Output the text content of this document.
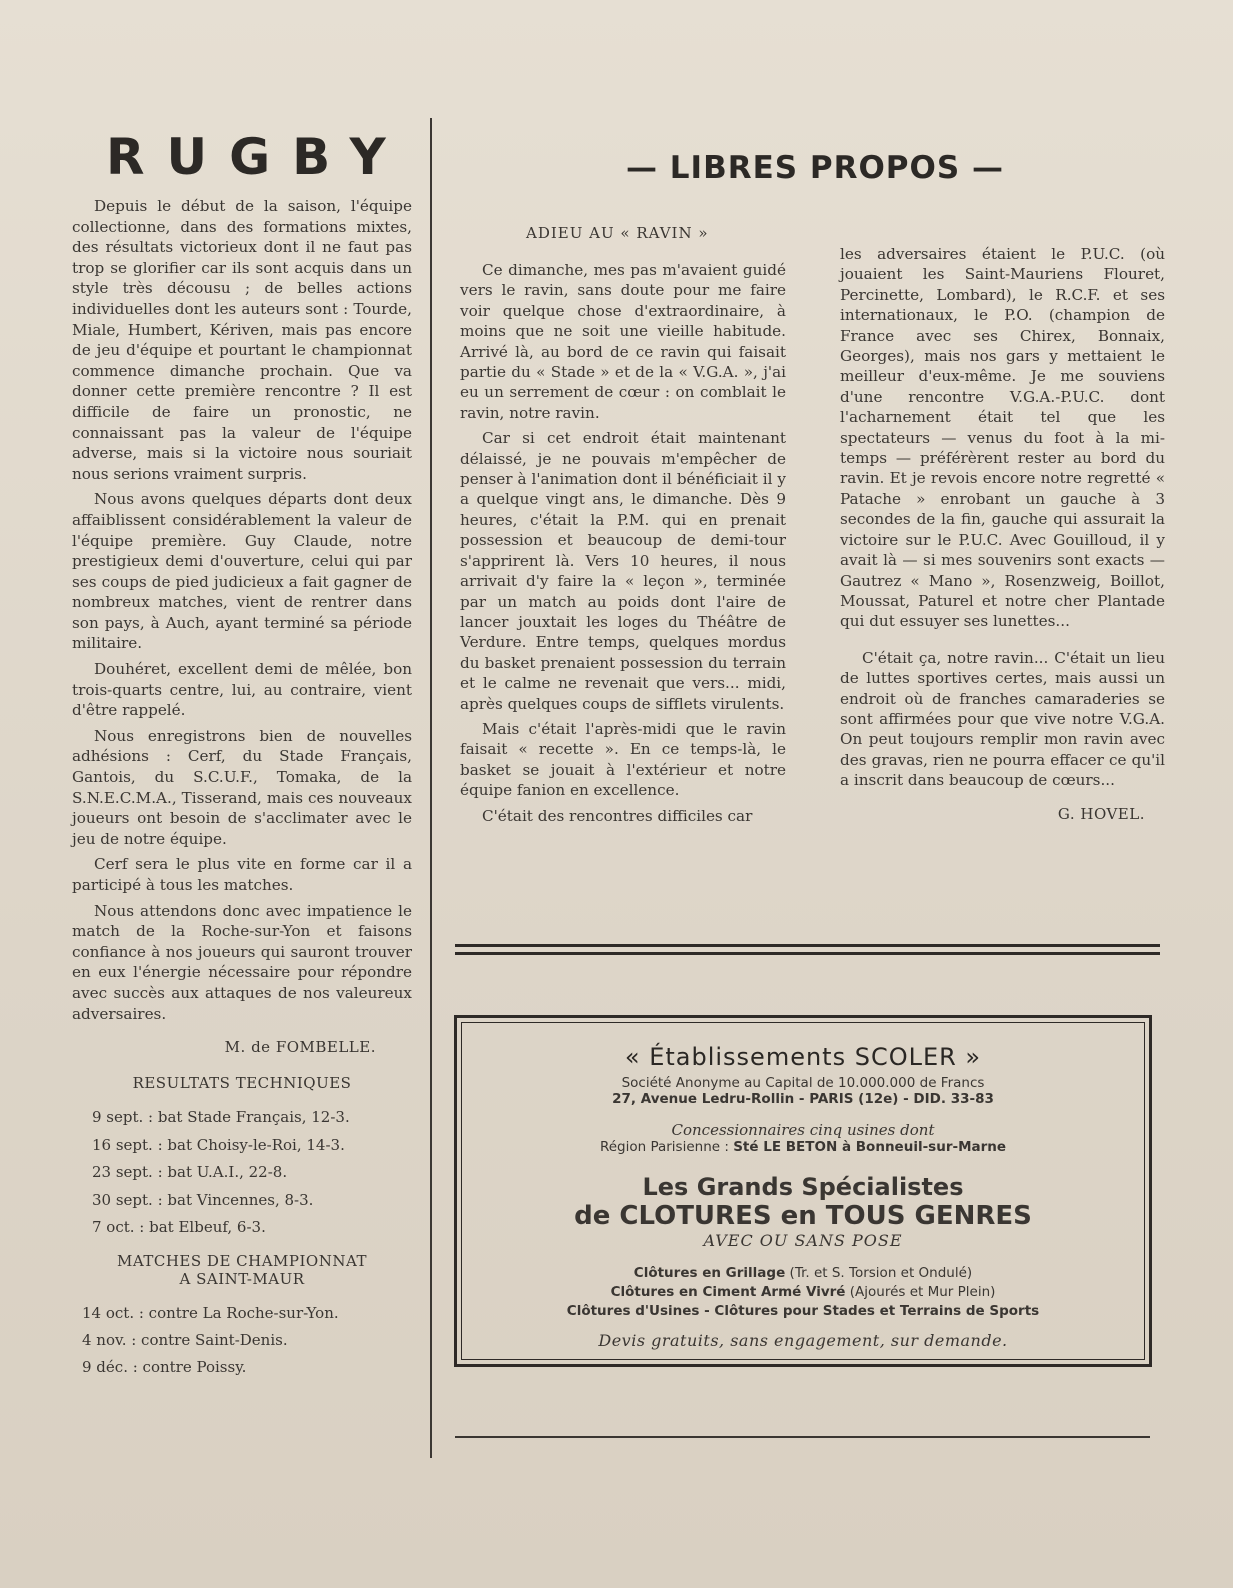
RUGBY

Depuis le début de la saison, l'équipe collectionne, dans des formations mixtes, des résultats victorieux dont il ne faut pas trop se glorifier car ils sont acquis dans un style très décousu ; de belles actions individuelles dont les auteurs sont : Tourde, Miale, Humbert, Kériven, mais pas encore de jeu d'équipe et pourtant le championnat commence dimanche prochain. Que va donner cette première rencontre ? Il est difficile de faire un pronostic, ne connaissant pas la valeur de l'équipe adverse, mais si la victoire nous souriait nous serions vraiment surpris.

Nous avons quelques départs dont deux affaiblissent considérablement la valeur de l'équipe première. Guy Claude, notre prestigieux demi d'ouverture, celui qui par ses coups de pied judicieux a fait gagner de nombreux matches, vient de rentrer dans son pays, à Auch, ayant terminé sa période militaire.

Douhéret, excellent demi de mêlée, bon trois-quarts centre, lui, au contraire, vient d'être rappelé.

Nous enregistrons bien de nouvelles adhésions : Cerf, du Stade Français, Gantois, du S.C.U.F., Tomaka, de la S.N.E.C.M.A., Tisserand, mais ces nouveaux joueurs ont besoin de s'acclimater avec le jeu de notre équipe.

Cerf sera le plus vite en forme car il a participé à tous les matches.

Nous attendons donc avec impatience le match de la Roche-sur-Yon et faisons confiance à nos joueurs qui sauront trouver en eux l'énergie nécessaire pour répondre avec succès aux attaques de nos valeureux adversaires.

M. de FOMBELLE.
RESULTATS TECHNIQUES
9 sept. : bat Stade Français, 12-3.
16 sept. : bat Choisy-le-Roi, 14-3.
23 sept. : bat U.A.I., 22-8.
30 sept. : bat Vincennes, 8-3.
7 oct. : bat Elbeuf, 6-3.
MATCHES DE CHAMPIONNAT
A SAINT-MAUR
14 oct. : contre La Roche-sur-Yon.
4 nov. : contre Saint-Denis.
9 déc. : contre Poissy.
— LIBRES PROPOS —
ADIEU AU « RAVIN »

Ce dimanche, mes pas m'avaient guidé vers le ravin, sans doute pour me faire voir quelque chose d'extraordinaire, à moins que ne soit une vieille habitude. Arrivé là, au bord de ce ravin qui faisait partie du « Stade » et de la « V.G.A. », j'ai eu un serrement de cœur : on comblait le ravin, notre ravin.

Car si cet endroit était maintenant délaissé, je ne pouvais m'empêcher de penser à l'animation dont il bénéficiait il y a quelque vingt ans, le dimanche. Dès 9 heures, c'était la P.M. qui en prenait possession et beaucoup de demi-tour s'apprirent là. Vers 10 heures, il nous arrivait d'y faire la « leçon », terminée par un match au poids dont l'aire de lancer jouxtait les loges du Théâtre de Verdure. Entre temps, quelques mordus du basket prenaient possession du terrain et le calme ne revenait que vers... midi, après quelques coups de sifflets virulents.

Mais c'était l'après-midi que le ravin faisait « recette ». En ce temps-là, le basket se jouait à l'extérieur et notre équipe fanion en excellence.

C'était des rencontres difficiles car

les adversaires étaient le P.U.C. (où jouaient les Saint-Mauriens Flouret, Percinette, Lombard), le R.C.F. et ses internationaux, le P.O. (champion de France avec ses Chirex, Bonnaix, Georges), mais nos gars y mettaient le meilleur d'eux-même. Je me souviens d'une rencontre V.G.A.-P.U.C. dont l'acharnement était tel que les spectateurs — venus du foot à la mi-temps — préférèrent rester au bord du ravin. Et je revois encore notre regretté « Patache » enrobant un gauche à 3 secondes de la fin, gauche qui assurait la victoire sur le P.U.C. Avec Gouilloud, il y avait là — si mes souvenirs sont exacts — Gautrez « Mano », Rosenzweig, Boillot, Moussat, Paturel et notre cher Plantade qui dut essuyer ses lunettes...

C'était ça, notre ravin... C'était un lieu de luttes sportives certes, mais aussi un endroit où de franches camaraderies se sont affirmées pour que vive notre V.G.A. On peut toujours remplir mon ravin avec des gravas, rien ne pourra effacer ce qu'il a inscrit dans beaucoup de cœurs...

G. HOVEL.
« Établissements SCOLER »
Société Anonyme au Capital de 10.000.000 de Francs
27, Avenue Ledru-Rollin - PARIS (12e) - DID. 33-83
Concessionnaires cinq usines dont
Région Parisienne : Sté LE BETON à Bonneuil-sur-Marne
Les Grands Spécialistes
de CLOTURES en TOUS GENRES
AVEC OU SANS POSE
Clôtures en Grillage (Tr. et S. Torsion et Ondulé)
Clôtures en Ciment Armé Vivré (Ajourés et Mur Plein)
Clôtures d'Usines - Clôtures pour Stades et Terrains de Sports
Devis gratuits, sans engagement, sur demande.
